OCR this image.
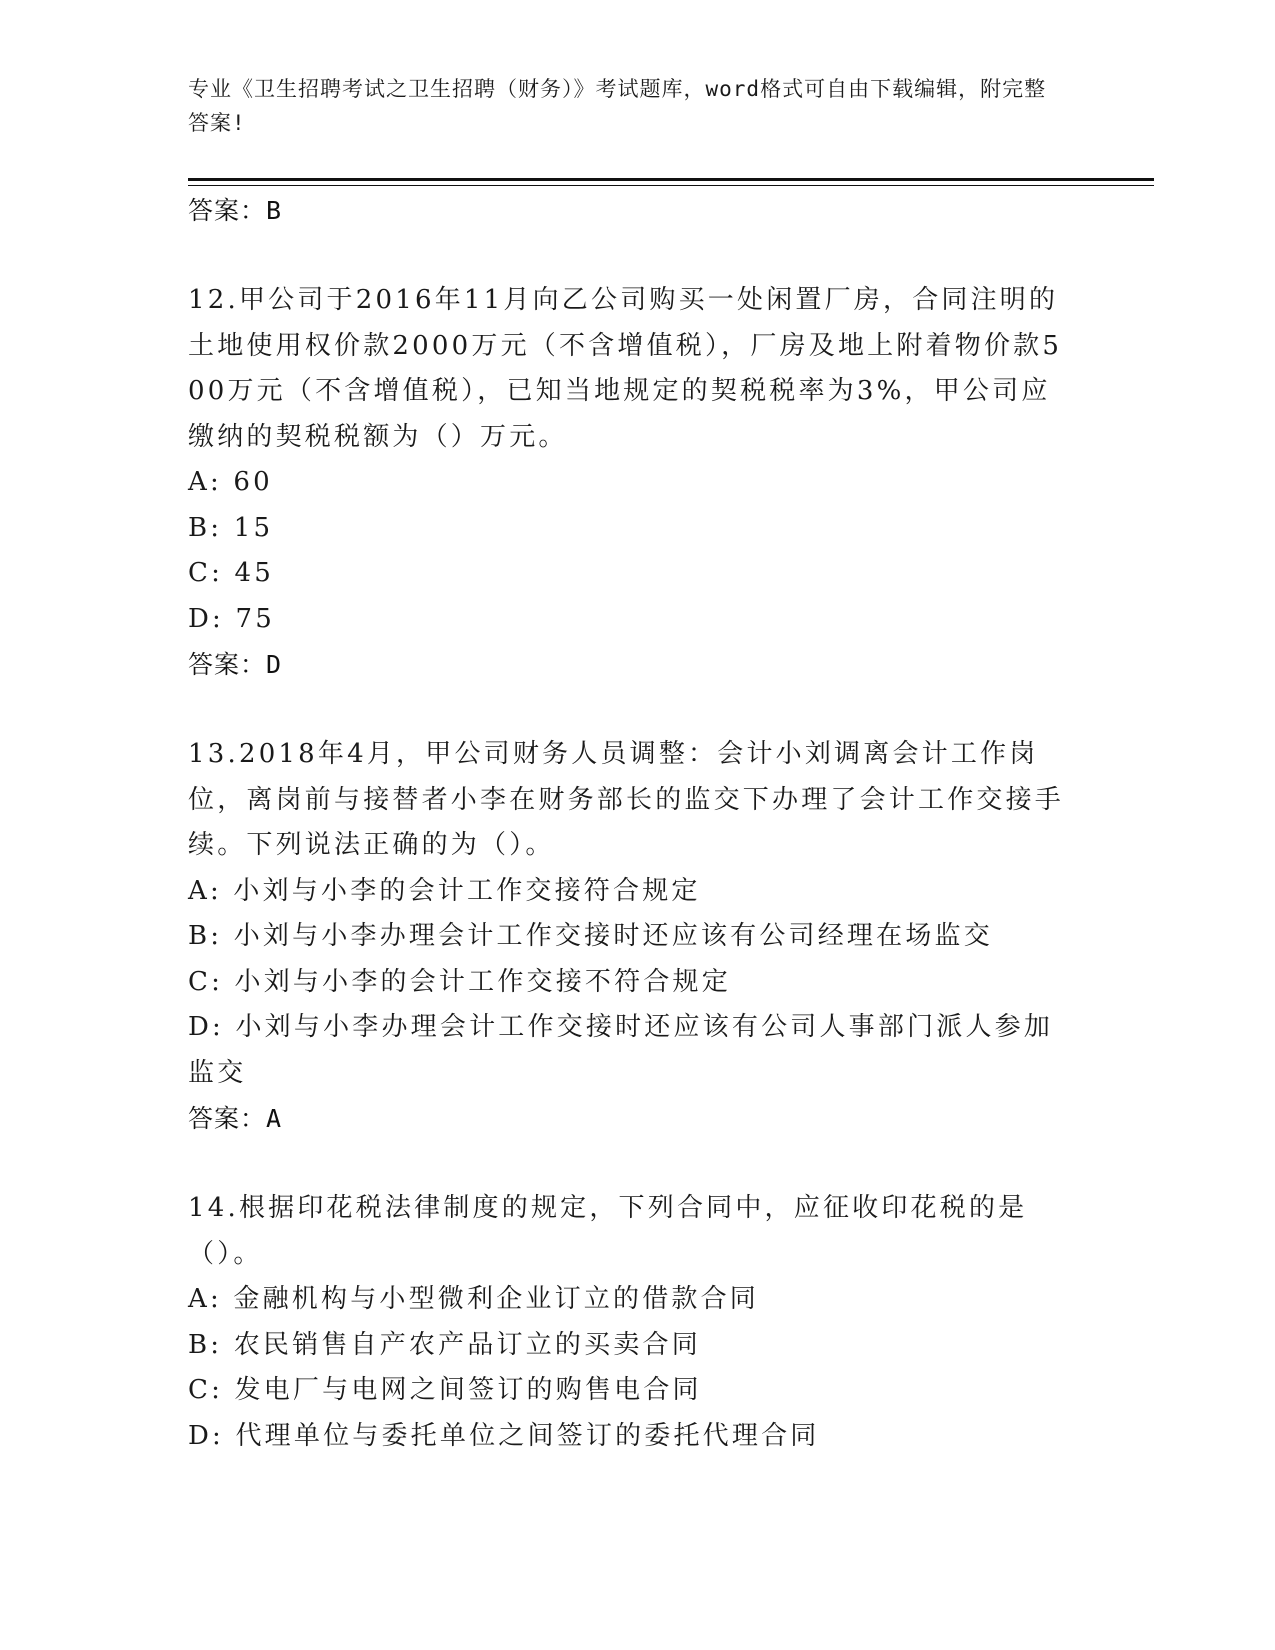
专业《卫生招聘考试之卫生招聘（财务）》考试题库，word格式可自由下载编辑，附完整答案!
答案：B
12.甲公司于2016年11月向乙公司购买一处闲置厂房，合同注明的土地使用权价款2000万元（不含增值税），厂房及地上附着物价款500万元（不含增值税），已知当地规定的契税税率为3%，甲公司应缴纳的契税税额为（）万元。
A: 60
B: 15
C: 45
D: 75
答案：D
13.2018年4月，甲公司财务人员调整：会计小刘调离会计工作岗位，离岗前与接替者小李在财务部长的监交下办理了会计工作交接手续。下列说法正确的为（）。
A: 小刘与小李的会计工作交接符合规定
B: 小刘与小李办理会计工作交接时还应该有公司经理在场监交
C: 小刘与小李的会计工作交接不符合规定
D: 小刘与小李办理会计工作交接时还应该有公司人事部门派人参加监交
答案：A
14.根据印花税法律制度的规定，下列合同中，应征收印花税的是（）。
A: 金融机构与小型微利企业订立的借款合同
B: 农民销售自产农产品订立的买卖合同
C: 发电厂与电网之间签订的购售电合同
D: 代理单位与委托单位之间签订的委托代理合同
